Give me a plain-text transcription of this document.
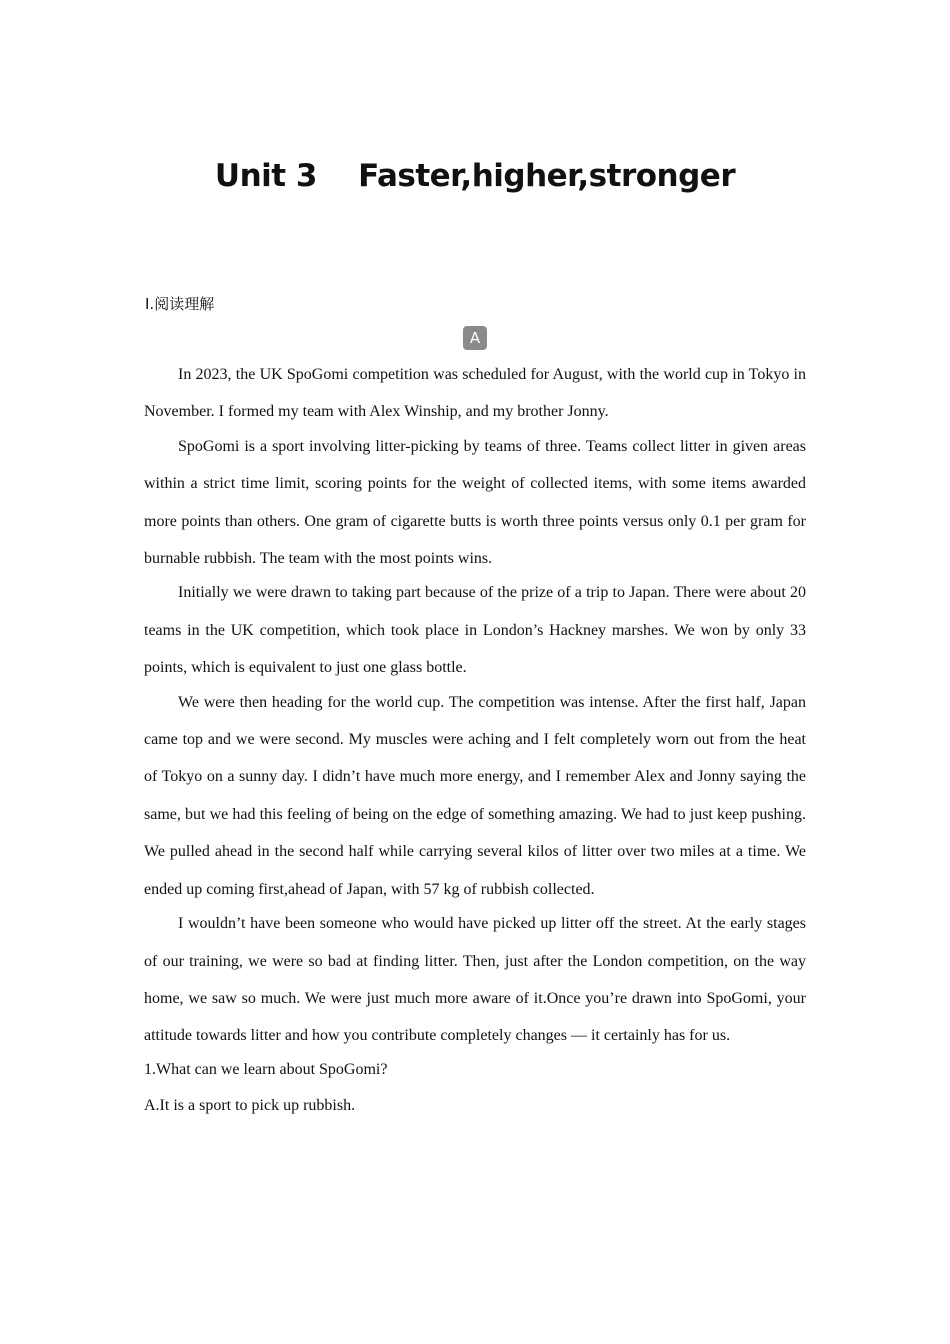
Unit 3    Faster,higher,stronger
Ⅰ.阅读理解
A

In 2023, the UK SpoGomi competition was scheduled for August, with the world cup in Tokyo in November. I formed my team with Alex Winship, and my brother Jonny.

SpoGomi is a sport involving litter-picking by teams of three. Teams collect litter in given areas within a strict time limit, scoring points for the weight of collected items, with some items awarded more points than others. One gram of cigarette butts is worth three points versus only 0.1 per gram for burnable rubbish. The team with the most points wins.

Initially we were drawn to taking part because of the prize of a trip to Japan. There were about 20 teams in the UK competition, which took place in London’s Hackney marshes. We won by only 33 points, which is equivalent to just one glass bottle.

We were then heading for the world cup. The competition was intense. After the first half, Japan came top and we were second. My muscles were aching and I felt completely worn out from the heat of Tokyo on a sunny day. I didn’t have much more energy, and I remember Alex and Jonny saying the same, but we had this feeling of being on the edge of something amazing. We had to just keep pushing. We pulled ahead in the second half while carrying several kilos of litter over two miles at a time. We ended up coming first,ahead of Japan, with 57 kg of rubbish collected.

I wouldn’t have been someone who would have picked up litter off the street. At the early stages of our training, we were so bad at finding litter. Then, just after the London competition, on the way home, we saw so much. We were just much more aware of it.Once you’re drawn into SpoGomi, your attitude towards litter and how you contribute completely changes — it certainly has for us.

1.What can we learn about SpoGomi?

A.It is a sport to pick up rubbish.
